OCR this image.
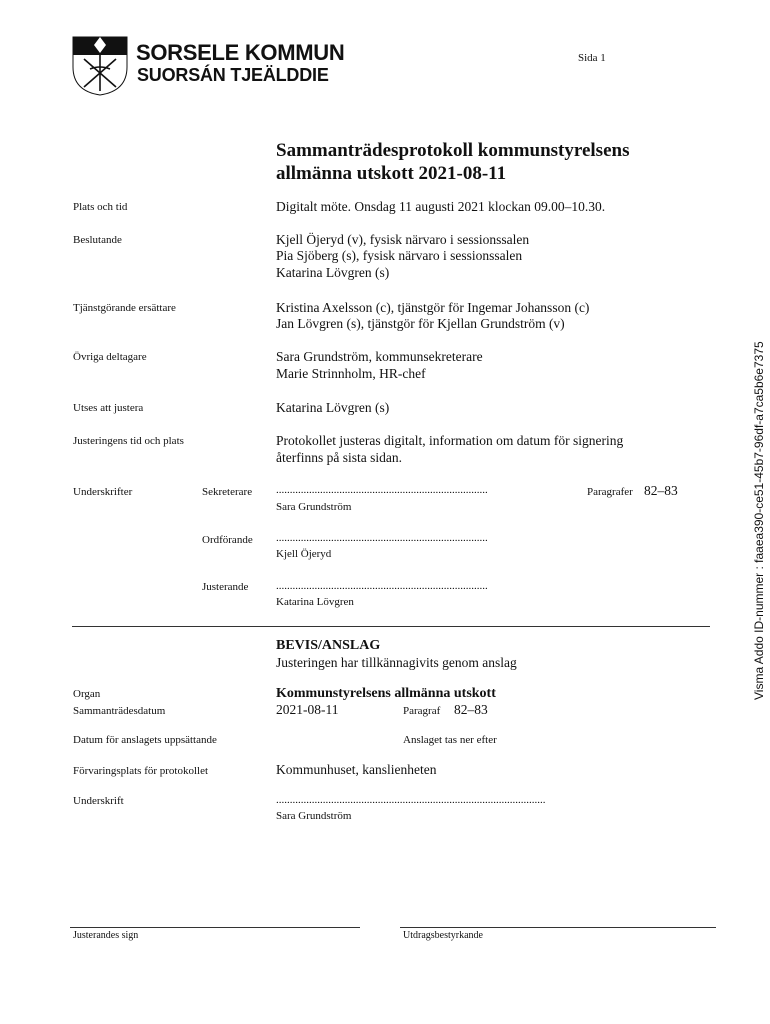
SORSELE KOMMUN
SUORSÁN TJEÄLDDIE
Sida 1
Sammanträdesprotokoll kommunstyrelsens
allmänna utskott 2021-08-11
Plats och tid	Digitalt möte. Onsdag 11 augusti 2021 klockan 09.00–10.30.
Beslutande	Kjell Öjeryd (v), fysisk närvaro i sessionssalen
Pia Sjöberg (s), fysisk närvaro i sessionssalen
Katarina Lövgren (s)
Tjänstgörande ersättare	Kristina Axelsson (c), tjänstgör för Ingemar Johansson (c)
Jan Lövgren (s), tjänstgör för Kjellan Grundström (v)
Övriga deltagare	Sara Grundström, kommunsekreterare
Marie Strinnholm, HR-chef
Utses att justera	Katarina Lövgren (s)
Justeringens tid och plats	Protokollet justeras digitalt, information om datum för signering
återfinns på sista sidan.
Underskrifter	Sekreterare .............................................................................	Paragrafer 82–83
Sara Grundström
Ordförande .............................................................................
Kjell Öjeryd
Justerande	.............................................................................
Katarina Lövgren
BEVIS/ANSLAG
Justeringen har tillkännagivits genom anslag
Organ	Kommunstyrelsens allmänna utskott
Sammanträdesdatum	2021-08-11	Paragraf 82–83
Datum för anslagets uppsättande	Anslaget tas ner efter
Förvaringsplats för protokollet	Kommunhuset, kanslienheten
Underskrift	..................................................................................................
Sara Grundström
Justerandes sign	Utdragsbestyrkande
Visma Addo ID-nummer : faaea390-ce51-45b7-96df-a7ca5b6e7375
